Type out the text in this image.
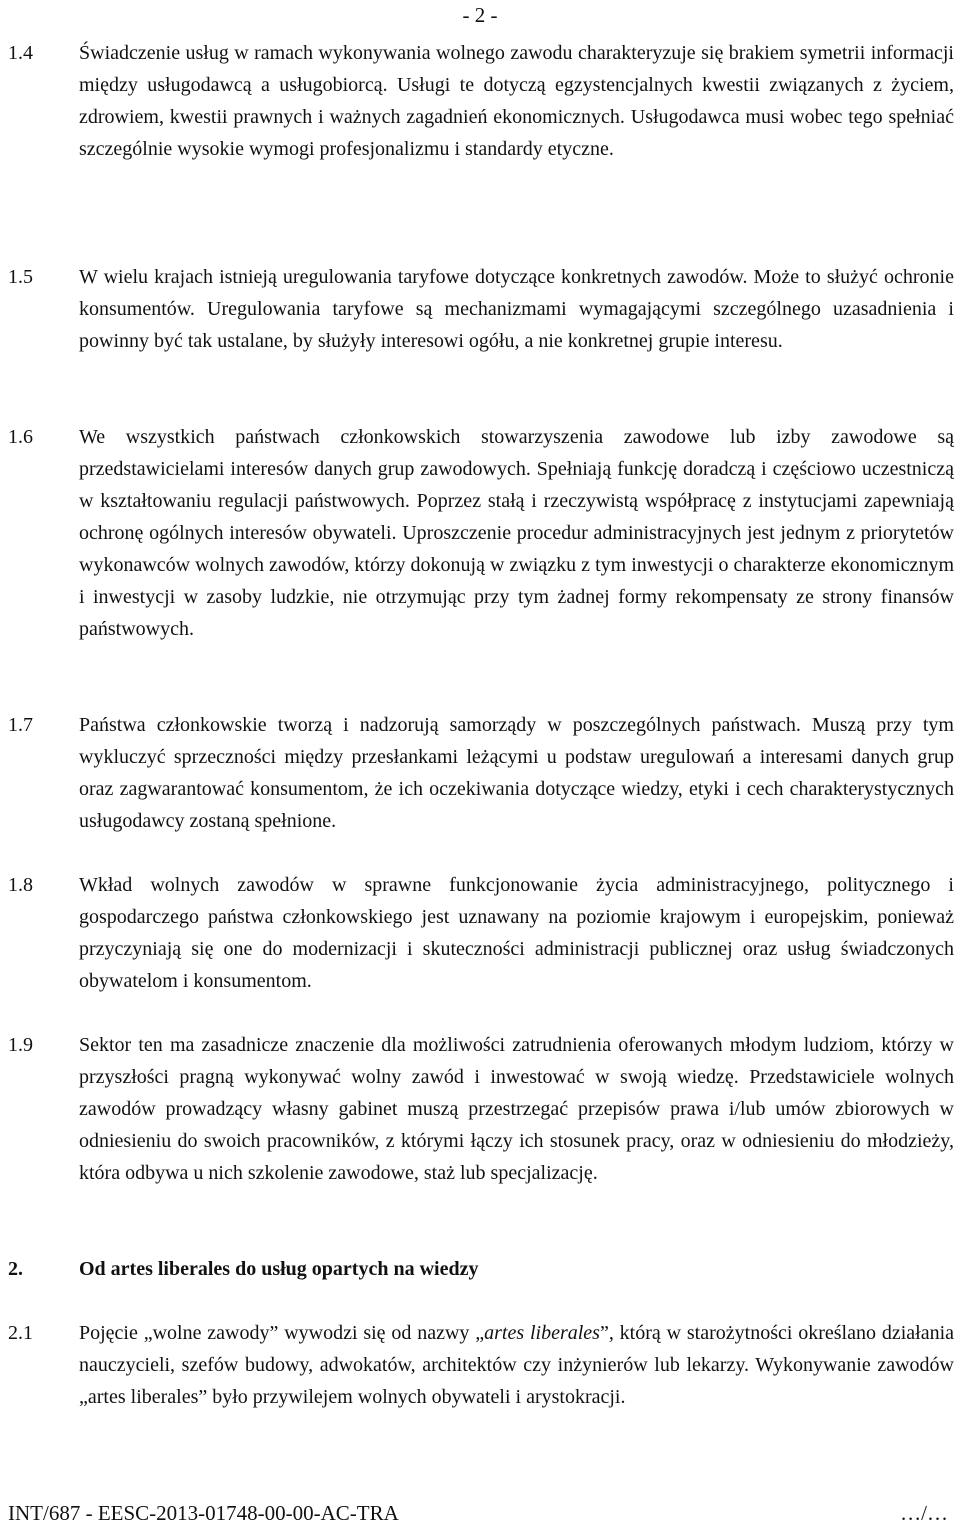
- 2 -
1.4 Świadczenie usług w ramach wykonywania wolnego zawodu charakteryzuje się brakiem symetrii informacji między usługodawcą a usługobiorcą. Usługi te dotyczą egzystencjalnych kwestii związanych z życiem, zdrowiem, kwestii prawnych i ważnych zagadnień ekonomicznych. Usługodawca musi wobec tego spełniać szczególnie wysokie wymogi profesjonalizmu i standardy etyczne.
1.5 W wielu krajach istnieją uregulowania taryfowe dotyczące konkretnych zawodów. Może to służyć ochronie konsumentów. Uregulowania taryfowe są mechanizmami wymagającymi szczególnego uzasadnienia i powinny być tak ustalane, by służyły interesowi ogółu, a nie konkretnej grupie interesu.
1.6 We wszystkich państwach członkowskich stowarzyszenia zawodowe lub izby zawodowe są przedstawicielami interesów danych grup zawodowych. Spełniają funkcję doradczą i częściowo uczestniczą w kształtowaniu regulacji państwowych. Poprzez stałą i rzeczywistą współpracę z instytucjami zapewniają ochronę ogólnych interesów obywateli. Uproszczenie procedur administracyjnych jest jednym z priorytetów wykonawców wolnych zawodów, którzy dokonują w związku z tym inwestycji o charakterze ekonomicznym i inwestycji w zasoby ludzkie, nie otrzymując przy tym żadnej formy rekompensaty ze strony finansów państwowych.
1.7 Państwa członkowskie tworzą i nadzorują samorządy w poszczególnych państwach. Muszą przy tym wykluczyć sprzeczności między przesłankami leżącymi u podstaw uregulowań a interesami danych grup oraz zagwarantować konsumentom, że ich oczekiwania dotyczące wiedzy, etyki i cech charakterystycznych usługodawcy zostaną spełnione.
1.8 Wkład wolnych zawodów w sprawne funkcjonowanie życia administracyjnego, politycznego i gospodarczego państwa członkowskiego jest uznawany na poziomie krajowym i europejskim, ponieważ przyczyniają się one do modernizacji i skuteczności administracji publicznej oraz usług świadczonych obywatelom i konsumentom.
1.9 Sektor ten ma zasadnicze znaczenie dla możliwości zatrudnienia oferowanych młodym ludziom, którzy w przyszłości pragną wykonywać wolny zawód i inwestować w swoją wiedzę. Przedstawiciele wolnych zawodów prowadzący własny gabinet muszą przestrzegać przepisów prawa i/lub umów zbiorowych w odniesieniu do swoich pracowników, z którymi łączy ich stosunek pracy, oraz w odniesieniu do młodzieży, która odbywa u nich szkolenie zawodowe, staż lub specjalizację.
2.	Od artes liberales do usług opartych na wiedzy
2.1 Pojęcie „wolne zawody” wywodzi się od nazwy „artes liberales”, którą w starożytności określano działania nauczycieli, szefów budowy, adwokatów, architektów czy inżynierów lub lekarzy. Wykonywanie zawodów „artes liberales” było przywilejem wolnych obywateli i arystokracji.
INT/687 - EESC-2013-01748-00-00-AC-TRA	…/…
